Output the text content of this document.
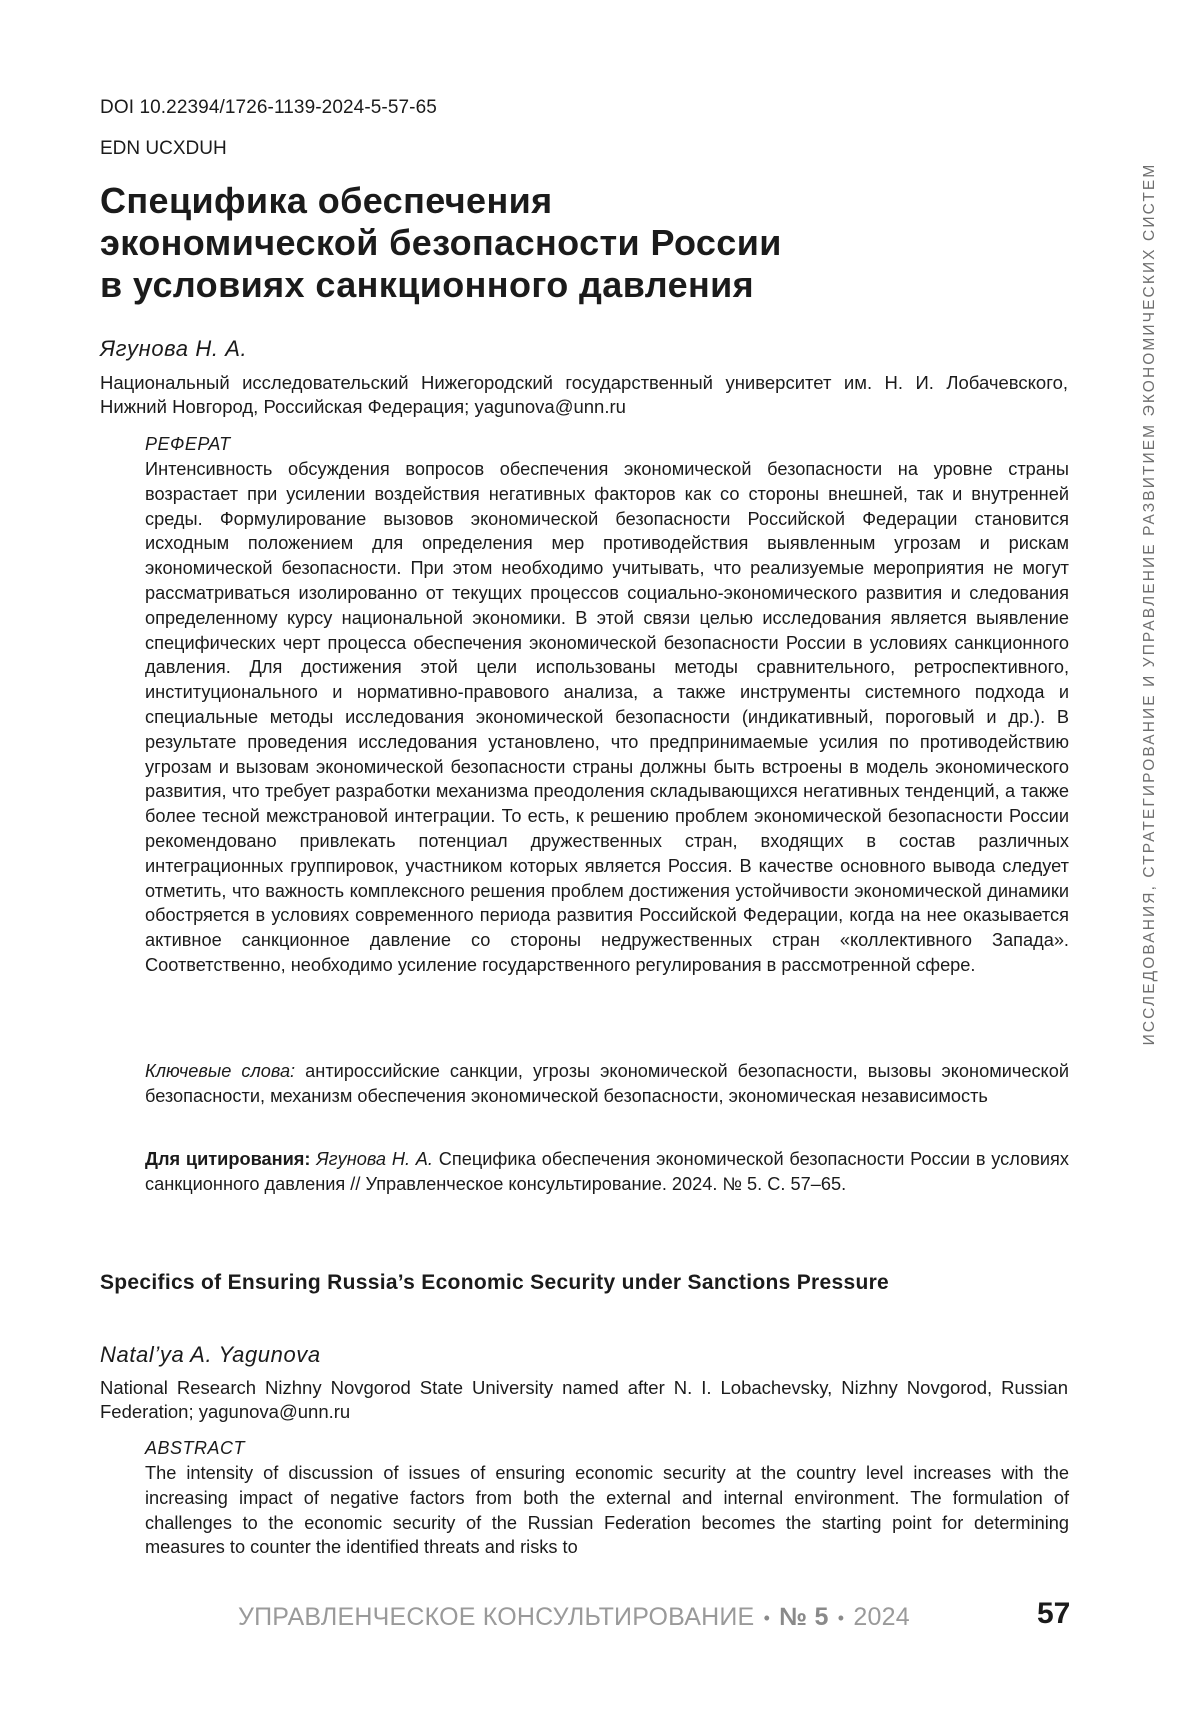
DOI 10.22394/1726-1139-2024-5-57-65
EDN UCXDUH
Специфика обеспечения
экономической безопасности России
в условиях санкционного давления
Ягунова Н. А.
Национальный исследовательский Нижегородский государственный университет им. Н. И. Лобачевского, Нижний Новгород, Российская Федерация; yagunova@unn.ru
РЕФЕРАТ
Интенсивность обсуждения вопросов обеспечения экономической безопасности на уровне страны возрастает при усилении воздействия негативных факторов как со стороны внешней, так и внутренней среды. Формулирование вызовов экономической безопасности Российской Федерации становится исходным положением для определения мер противодействия выявленным угрозам и рискам экономической безопасности. При этом необходимо учитывать, что реализуемые мероприятия не могут рассматриваться изолированно от текущих процессов социально-экономического развития и следования определенному курсу национальной экономики. В этой связи целью исследования является выявление специфических черт процесса обеспечения экономической безопасности России в условиях санкционного давления. Для достижения этой цели использованы методы сравнительного, ретроспективного, институционального и нормативно-правового анализа, а также инструменты системного подхода и специальные методы исследования экономической безопасности (индикативный, пороговый и др.). В результате проведения исследования установлено, что предпринимаемые усилия по противодействию угрозам и вызовам экономической безопасности страны должны быть встроены в модель экономического развития, что требует разработки механизма преодоления складывающихся негативных тенденций, а также более тесной межстрановой интеграции. То есть, к решению проблем экономической безопасности России рекомендовано привлекать потенциал дружественных стран, входящих в состав различных интеграционных группировок, участником которых является Россия. В качестве основного вывода следует отметить, что важность комплексного решения проблем достижения устойчивости экономической динамики обостряется в условиях современного периода развития Российской Федерации, когда на нее оказывается активное санкционное давление со стороны недружественных стран «коллективного Запада». Соответственно, необходимо усиление государственного регулирования в рассмотренной сфере.
Ключевые слова: антироссийские санкции, угрозы экономической безопасности, вызовы экономической безопасности, механизм обеспечения экономической безопасности, экономическая независимость
Для цитирования: Ягунова Н. А. Специфика обеспечения экономической безопасности России в условиях санкционного давления // Управленческое консультирование. 2024. № 5. С. 57–65.
Specifics of Ensuring Russia’s Economic Security under Sanctions Pressure
Natal’ya A. Yagunova
National Research Nizhny Novgorod State University named after N. I. Lobachevsky, Nizhny Novgorod, Russian Federation; yagunova@unn.ru
ABSTRACT
The intensity of discussion of issues of ensuring economic security at the country level increases with the increasing impact of negative factors from both the external and internal environment. The formulation of challenges to the economic security of the Russian Federation becomes the starting point for determining measures to counter the identified threats and risks to
ИССЛЕДОВАНИЯ, СТРАТЕГИРОВАНИЕ И УПРАВЛЕНИЕ РАЗВИТИЕМ ЭКОНОМИЧЕСКИХ СИСТЕМ
УПРАВЛЕНЧЕСКОЕ КОНСУЛЬТИРОВАНИЕ • № 5 • 2024	57
